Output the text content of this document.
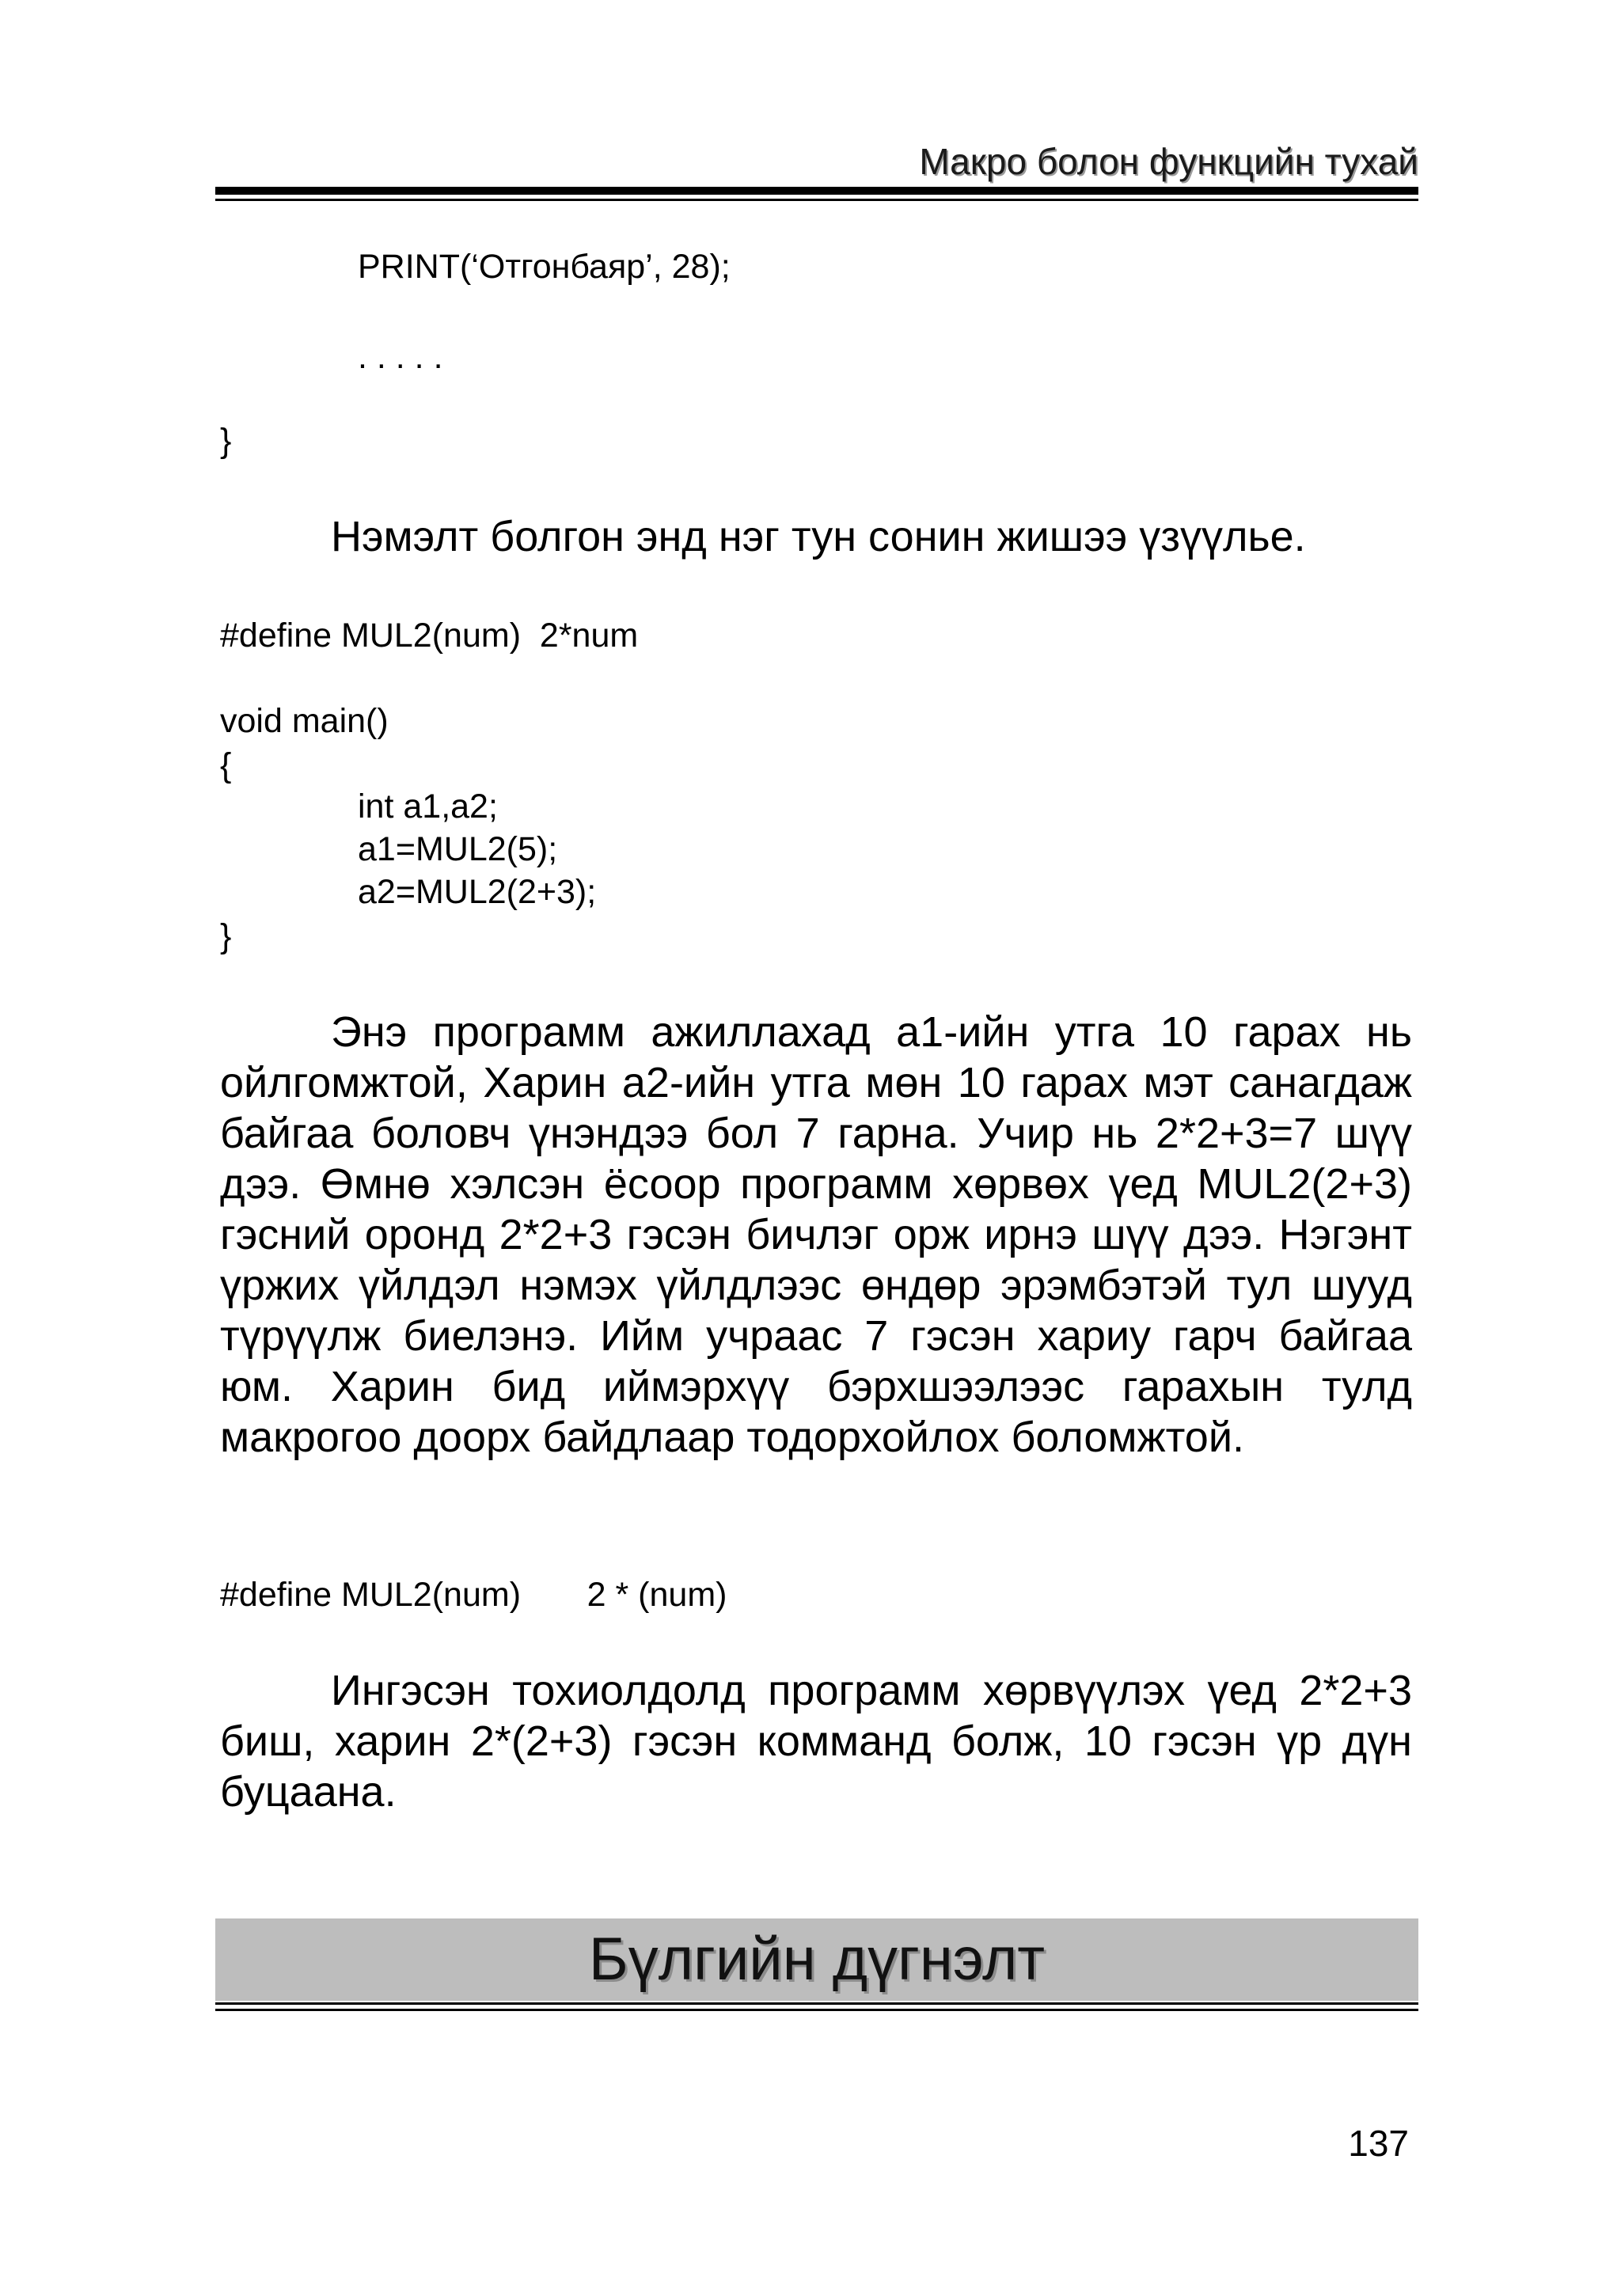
Макро болон функцийн тухай
PRINT(‘Отгонбаяр’, 28);
. . . . .
}
Нэмэлт болгон энд нэг тун сонин жишээ үзүүлье.
#define MUL2(num)  2*num
void main()
{
int a1,a2;
a1=MUL2(5);
a2=MUL2(2+3);
}
Энэ программ ажиллахад a1-ийн утга 10 гарах нь ойлгомжтой, Харин a2-ийн утга мөн 10 гарах мэт санагдаж байгаа боловч үнэндээ бол 7 гарна. Учир нь 2*2+3=7 шүү дээ. Өмнө хэлсэн ёсоор программ хөрвөх үед MUL2(2+3) гэсний оронд 2*2+3 гэсэн бичлэг орж ирнэ шүү дээ. Нэгэнт үржих үйлдэл нэмэх үйлдлээс өндөр эрэмбэтэй тул шууд түрүүлж биелэнэ. Ийм учраас 7 гэсэн хариу гарч байгаа юм. Харин бид иймэрхүү бэрхшээлээс гарахын тулд макрогоо доорх байдлаар тодорхойлох боломжтой.
#define MUL2(num)       2 * (num)
Ингэсэн тохиолдолд программ хөрвүүлэх үед 2*2+3 биш, харин 2*(2+3) гэсэн комманд болж, 10 гэсэн үр дүн буцаана.
Бүлгийн дүгнэлт
137
